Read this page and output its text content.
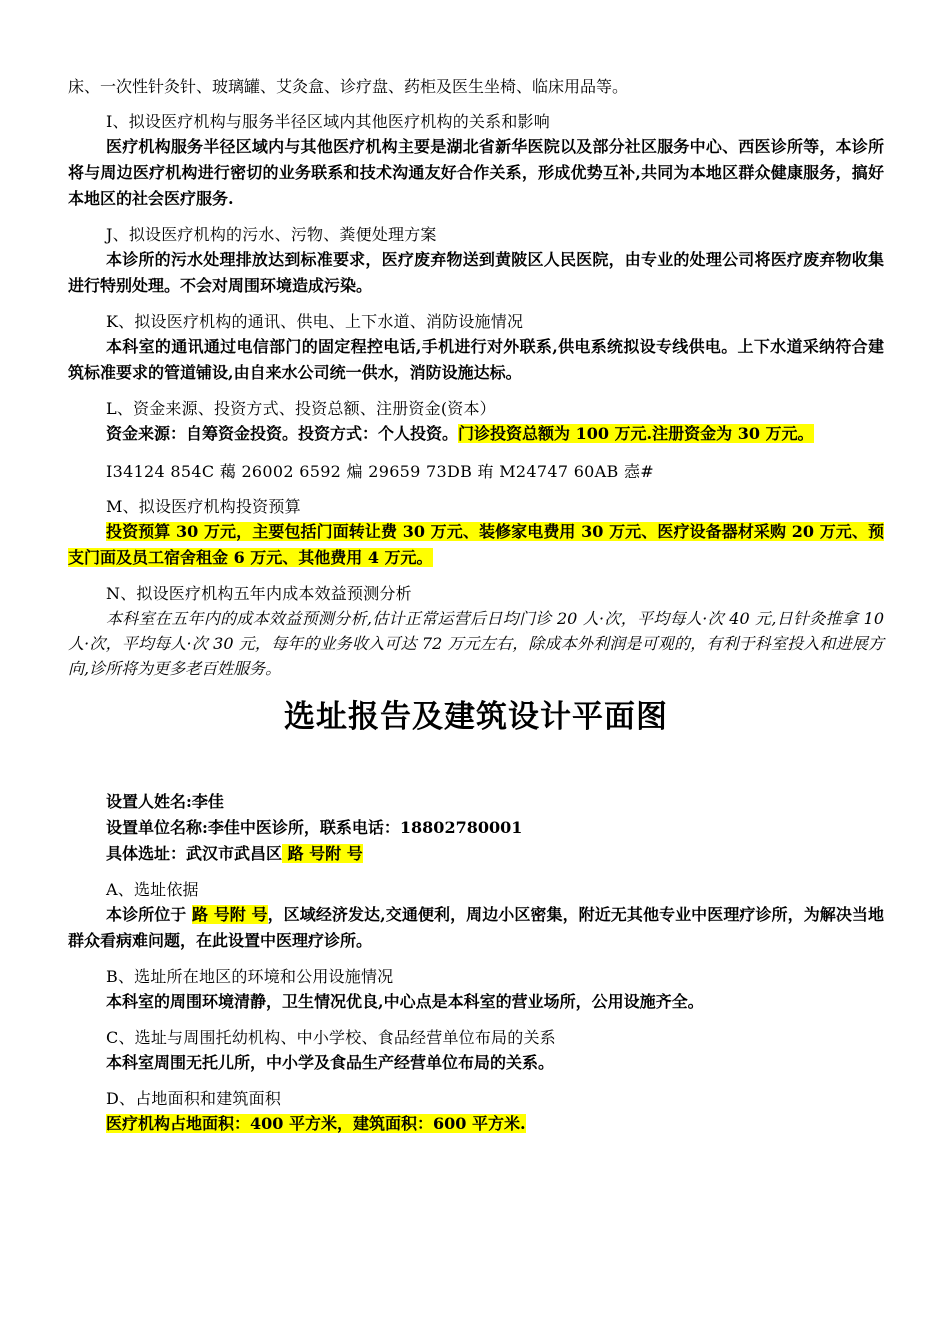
床、一次性针灸针、玻璃罐、艾灸盒、诊疗盘、药柜及医生坐椅、临床用品等。

I、拟设医疗机构与服务半径区域内其他医疗机构的关系和影响

医疗机构服务半径区域内与其他医疗机构主要是湖北省新华医院以及部分社区服务中心、西医诊所等，本诊所将与周边医疗机构进行密切的业务联系和技术沟通友好合作关系，形成优势互补,共同为本地区群众健康服务，搞好本地区的社会医疗服务.

J、拟设医疗机构的污水、污物、粪便处理方案

本诊所的污水处理排放达到标准要求，医疗废弃物送到黄陂区人民医院，由专业的处理公司将医疗废弃物收集进行特别处理。不会对周围环境造成污染。

K、拟设医疗机构的通讯、供电、上下水道、消防设施情况

本科室的通讯通过电信部门的固定程控电话,手机进行对外联系,供电系统拟设专线供电。上下水道采纳符合建筑标准要求的管道铺设,由自来水公司统一供水，消防设施达标。

L、资金来源、投资方式、投资总额、注册资金(资本）

资金来源：自筹资金投资。投资方式：个人投资。门诊投资总额为 100 万元.注册资金为 30 万元。

I34124 854C 藒 26002 6592 煸 29659 73DB 珛 M24747 60AB 悫#

M、拟设医疗机构投资预算

投资预算 30 万元，主要包括门面转让费 30 万元、装修家电费用 30 万元、医疗设备器材采购 20 万元、预支门面及员工宿舍租金 6 万元、其他费用 4 万元。

N、拟设医疗机构五年内成本效益预测分析

本科室在五年内的成本效益预测分析,估计正常运营后日均门诊 20 人·次，平均每人·次 40 元,日针灸推拿 10 人·次，平均每人·次 30 元，每年的业务收入可达 72 万元左右，除成本外利润是可观的，有利于科室投入和进展方向,诊所将为更多老百姓服务。

选址报告及建筑设计平面图

设置人姓名:李佳

设置单位名称:李佳中医诊所，联系电话：18802780001

具体选址：武汉市武昌区 路 号附 号

A、选址依据

本诊所位于 路 号附 号，区域经济发达,交通便利，周边小区密集，附近无其他专业中医理疗诊所，为解决当地群众看病难问题，在此设置中医理疗诊所。

B、选址所在地区的环境和公用设施情况

本科室的周围环境清静，卫生情况优良,中心点是本科室的营业场所，公用设施齐全。

C、选址与周围托幼机构、中小学校、食品经营单位布局的关系

本科室周围无托儿所，中小学及食品生产经营单位布局的关系。

D、占地面积和建筑面积

医疗机构占地面积：400 平方米，建筑面积：600 平方米.
